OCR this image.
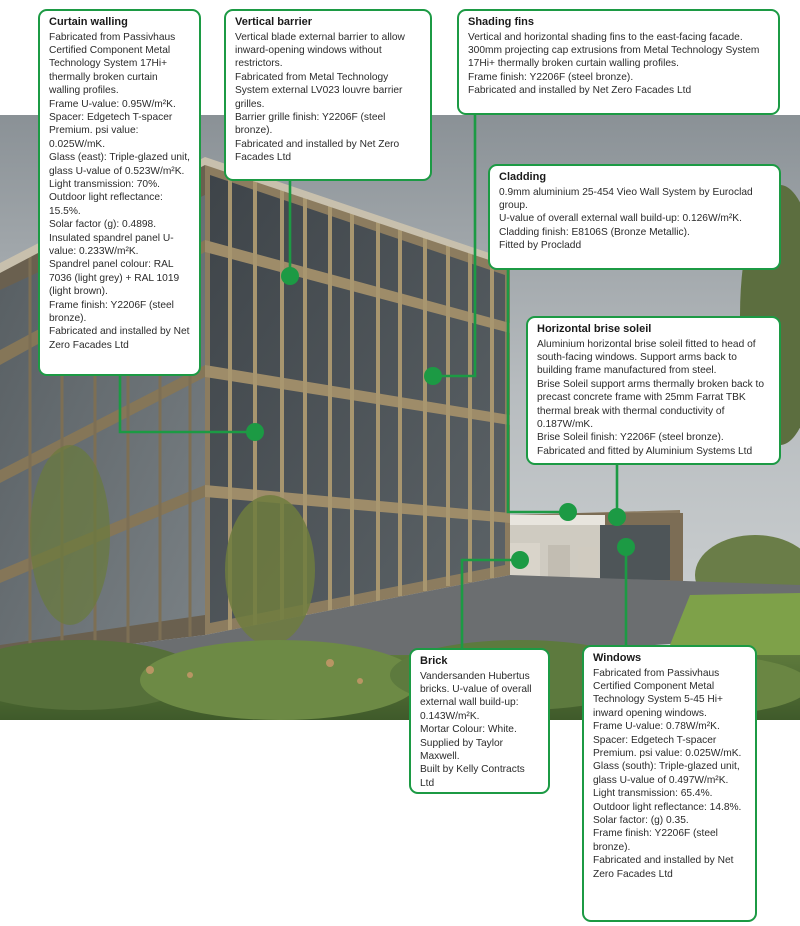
Curtain walling
Fabricated from Passivhaus Certified Component Metal Technology System 17Hi+ thermally broken curtain walling profiles.
Frame U-value: 0.95W/m²K.
Spacer: Edgetech T-spacer Premium. psi value: 0.025W/mK.
Glass (east): Triple-glazed unit, glass U-value of 0.523W/m²K.
Light transmission: 70%.
Outdoor light reflectance: 15.5%.
Solar factor (g): 0.4898.
Insulated spandrel panel U-value: 0.233W/m²K.
Spandrel panel colour: RAL 7036 (light grey) + RAL 1019 (light brown).
Frame finish: Y2206F (steel bronze).
Fabricated and installed by Net Zero Facades Ltd
Vertical barrier
Vertical blade external barrier to allow inward-opening windows without restrictors.
Fabricated from Metal Technology System external LV023 louvre barrier grilles.
Barrier grille finish: Y2206F (steel bronze).
Fabricated and installed by Net Zero Facades Ltd
Shading fins
Vertical and horizontal shading fins to the east-facing facade.
300mm projecting cap extrusions from Metal Technology System 17Hi+ thermally broken curtain walling profiles.
Frame finish: Y2206F (steel bronze).
Fabricated and installed by Net Zero Facades Ltd
Cladding
0.9mm aluminium 25-454 Vieo Wall System by Euroclad group.
U-value of overall external wall build-up: 0.126W/m²K.
Cladding finish: E8106S (Bronze Metallic).
Fitted by Procladd
Horizontal brise soleil
Aluminium horizontal brise soleil fitted to head of south-facing windows. Support arms back to building frame manufactured from steel.
Brise Soleil support arms thermally broken back to precast concrete frame with 25mm Farrat TBK thermal break with thermal conductivity of 0.187W/mK.
Brise Soleil finish: Y2206F (steel bronze).
Fabricated and fitted by Aluminium Systems Ltd
Brick
Vandersanden Hubertus bricks. U-value of overall external wall build-up: 0.143W/m²K.
Mortar Colour: White.
Supplied by Taylor Maxwell.
Built by Kelly Contracts Ltd
Windows
Fabricated from Passivhaus Certified Component Metal Technology System 5-45 Hi+ inward opening windows.
Frame U-value: 0.78W/m²K.
Spacer: Edgetech T-spacer Premium. psi value: 0.025W/mK.
Glass (south): Triple-glazed unit, glass U-value of 0.497W/m²K.
Light transmission: 65.4%.
Outdoor light reflectance: 14.8%.
Solar factor: (g) 0.35.
Frame finish: Y2206F (steel bronze).
Fabricated and installed by Net Zero Facades Ltd
